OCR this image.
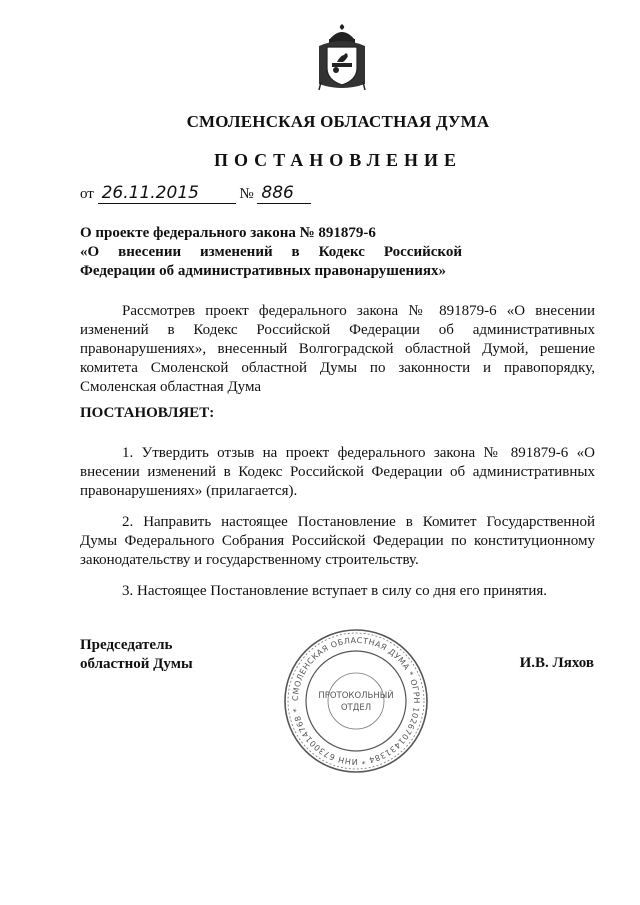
СМОЛЕНСКАЯ ОБЛАСТНАЯ ДУМА
ПОСТАНОВЛЕНИЕ
от 26.11.2015	№ 886
О проекте федерального закона № 891879-6
«О внесении изменений в Кодекс Российской
Федерации об административных правонарушениях»

Рассмотрев проект федерального закона № 891879-6 «О внесении изменений в Кодекс Российской Федерации об административных правонарушениях», внесенный Волгоградской областной Думой, решение комитета Смоленской областной Думы по законности и правопорядку, Смоленская областная Дума

ПОСТАНОВЛЯЕТ:

1. Утвердить отзыв на проект федерального закона № 891879-6 «О внесении изменений в Кодекс Российской Федерации об административных правонарушениях» (прилагается).

2. Направить настоящее Постановление в Комитет Государственной Думы Федерального Собрания Российской Федерации по конституционному законодательству и государственному строительству.

3. Настоящее Постановление вступает в силу со дня его принятия.

Председатель
областной Думы	И.В. Ляхов
СМОЛЕНСКАЯ ОБЛАСТНАЯ ДУМА * ОГРН 1026701431384 * ИНН 6730014768 *
ПРОТОКОЛЬНЫЙ
ОТДЕЛ
